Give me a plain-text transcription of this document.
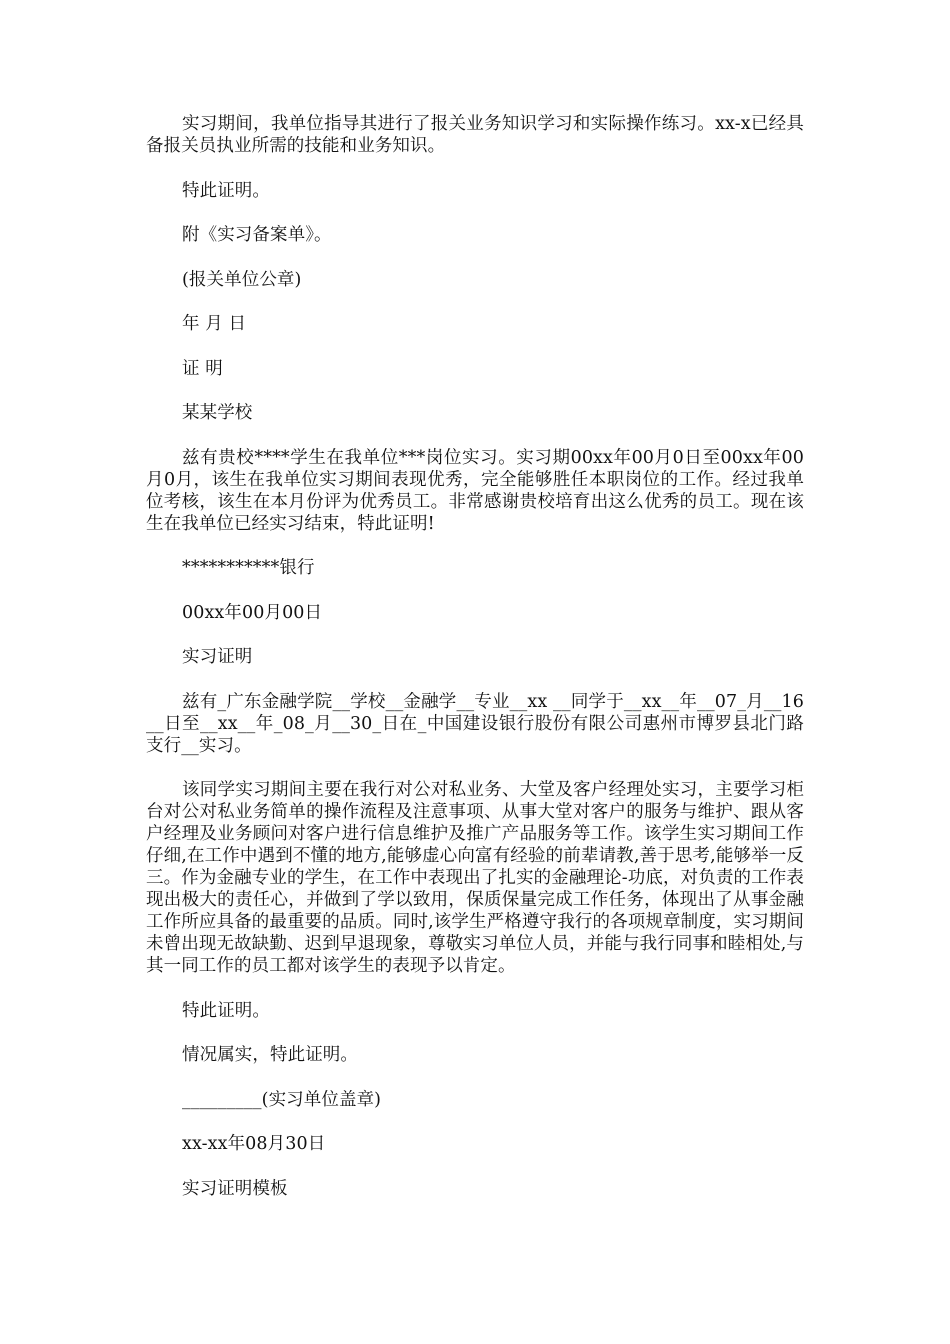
实习期间，我单位指导其进行了报关业务知识学习和实际操作练习。xx-x已经具备报关员执业所需的技能和业务知识。

特此证明。

附《实习备案单》。

(报关单位公章)

年 月 日

证 明

某某学校

兹有贵校****学生在我单位***岗位实习。实习期00xx年00月0日至00xx年00月0月，该生在我单位实习期间表现优秀，完全能够胜任本职岗位的工作。经过我单位考核，该生在本月份评为优秀员工。非常感谢贵校培育出这么优秀的员工。现在该生在我单位已经实习结束，特此证明!

***********银行

00xx年00月00日

实习证明

兹有_广东金融学院__学校__金融学__专业__xx __同学于__xx__年__07_月__16__日至__xx__年_08_月__30_日在_中国建设银行股份有限公司惠州市博罗县北门路支行__实习。

该同学实习期间主要在我行对公对私业务、大堂及客户经理处实习，主要学习柜台对公对私业务简单的操作流程及注意事项、从事大堂对客户的服务与维护、跟从客户经理及业务顾问对客户进行信息维护及推广产品服务等工作。该学生实习期间工作仔细,在工作中遇到不懂的地方,能够虚心向富有经验的前辈请教,善于思考,能够举一反三。作为金融专业的学生，在工作中表现出了扎实的金融理论-功底，对负责的工作表现出极大的责任心，并做到了学以致用，保质保量完成工作任务，体现出了从事金融工作所应具备的最重要的品质。同时,该学生严格遵守我行的各项规章制度，实习期间未曾出现无故缺勤、迟到早退现象，尊敬实习单位人员，并能与我行同事和睦相处,与其一同工作的员工都对该学生的表现予以肯定。

特此证明。

情况属实，特此证明。

_________(实习单位盖章)

xx-xx年08月30日

实习证明模板
